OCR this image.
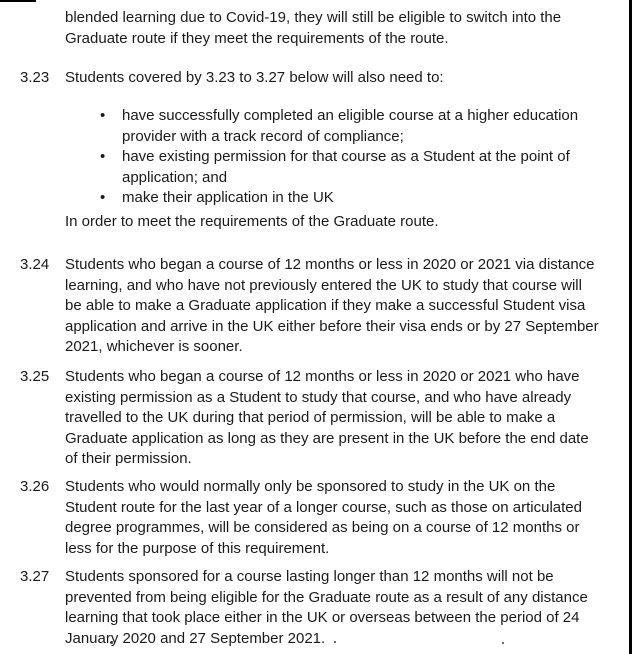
blended learning due to Covid-19, they will still be eligible to switch into the Graduate route if they meet the requirements of the route.
3.23	Students covered by 3.23 to 3.27 below will also need to:
• have successfully completed an eligible course at a higher education provider with a track record of compliance;
• have existing permission for that course as a Student at the point of application; and
• make their application in the UK
In order to meet the requirements of the Graduate route.
3.24	Students who began a course of 12 months or less in 2020 or 2021 via distance learning, and who have not previously entered the UK to study that course will be able to make a Graduate application if they make a successful Student visa application and arrive in the UK either before their visa ends or by 27 September 2021, whichever is sooner.
3.25	Students who began a course of 12 months or less in 2020 or 2021 who have existing permission as a Student to study that course, and who have already travelled to the UK during that period of permission, will be able to make a Graduate application as long as they are present in the UK before the end date of their permission.
3.26	Students who would normally only be sponsored to study in the UK on the Student route for the last year of a longer course, such as those on articulated degree programmes, will be considered as being on a course of 12 months or less for the purpose of this requirement.
3.27	Students sponsored for a course lasting longer than 12 months will not be prevented from being eligible for the Graduate route as a result of any distance learning that took place either in the UK or overseas between the period of 24 January 2020 and 27 September 2021.
